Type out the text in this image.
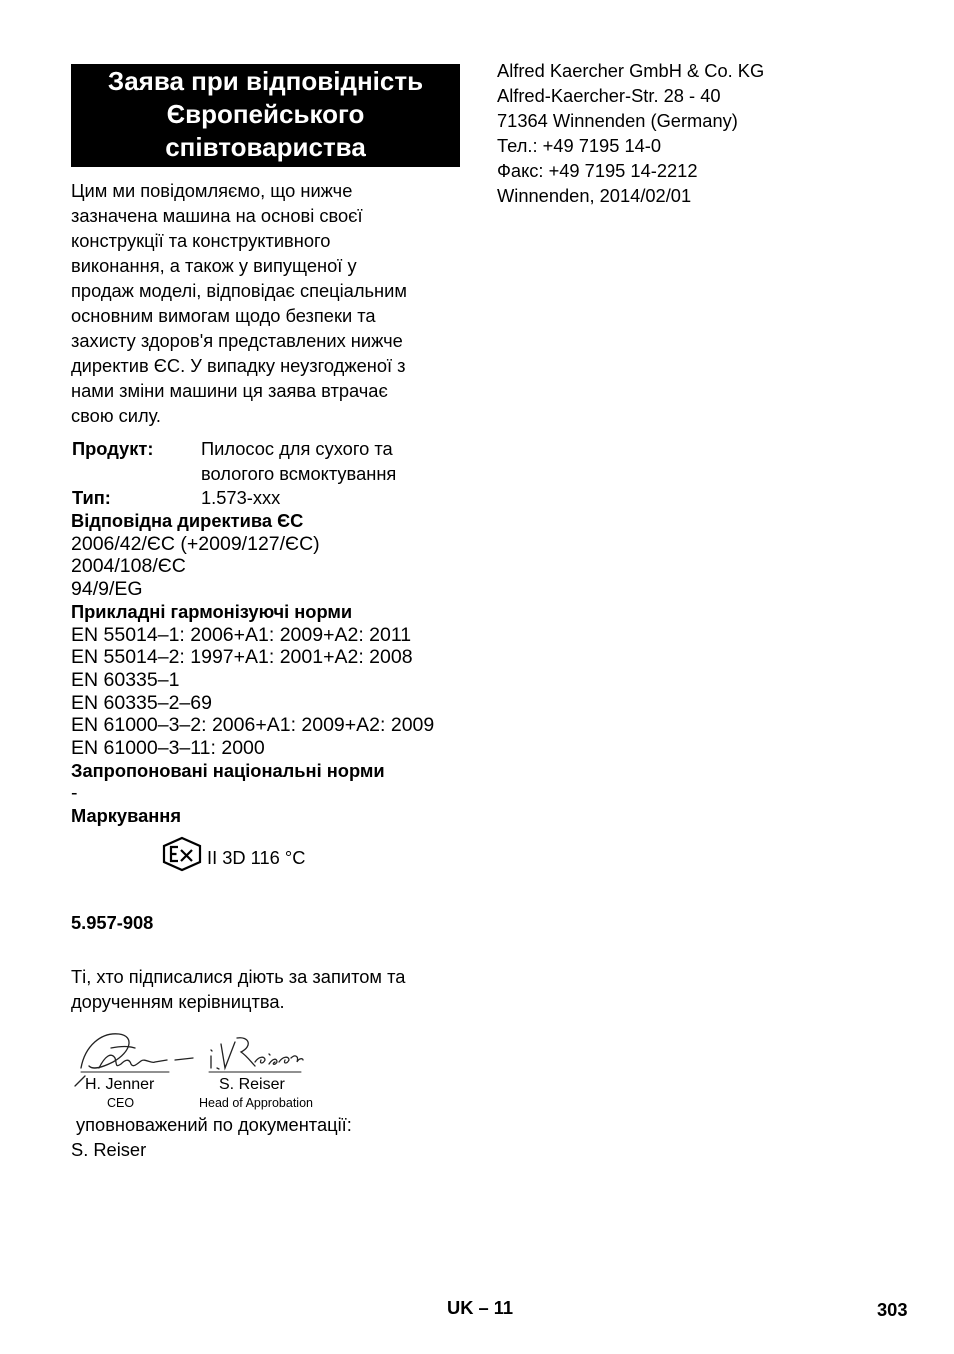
Заява при відповідність
Європейського
співтовариства
Цим ми повідомляємо, що нижче
зазначена машина на основі своєї
конструкції та конструктивного
виконання, а також у випущеної у
продаж моделі, відповідає спеціальним
основним вимогам щодо безпеки та
захисту здоров'я представлених нижче
директив ЄС. У випадку неузгодженої з
нами зміни машини ця заява втрачає
свою силу.
Продукт:	Пилосос для сухого та
вологого всмоктування
Тип:	1.573-xxx
Відповідна директива ЄС
2006/42/ЄС (+2009/127/ЄС)
2004/108/ЄС
94/9/EG
Прикладні гармонізуючі норми
EN 55014–1: 2006+A1: 2009+A2: 2011
EN 55014–2: 1997+A1: 2001+A2: 2008
EN 60335–1
EN 60335–2–69
EN 61000–3–2: 2006+A1: 2009+A2: 2009
EN 61000–3–11: 2000
Запропоновані національні норми
-
Маркування
II 3D 116 °C
5.957-908
Ті, хто підписалися діють за запитом та
дорученням керівництва.
H. Jenner
CEO
S. Reiser
Head of Approbation
уповноважений по документації:
S. Reiser
Alfred Kaercher GmbH & Co. KG
Alfred-Kaercher-Str. 28 - 40
71364 Winnenden (Germany)
Тел.: +49 7195 14-0
Факс: +49 7195 14-2212
Winnenden, 2014/02/01
UK – 11	303
